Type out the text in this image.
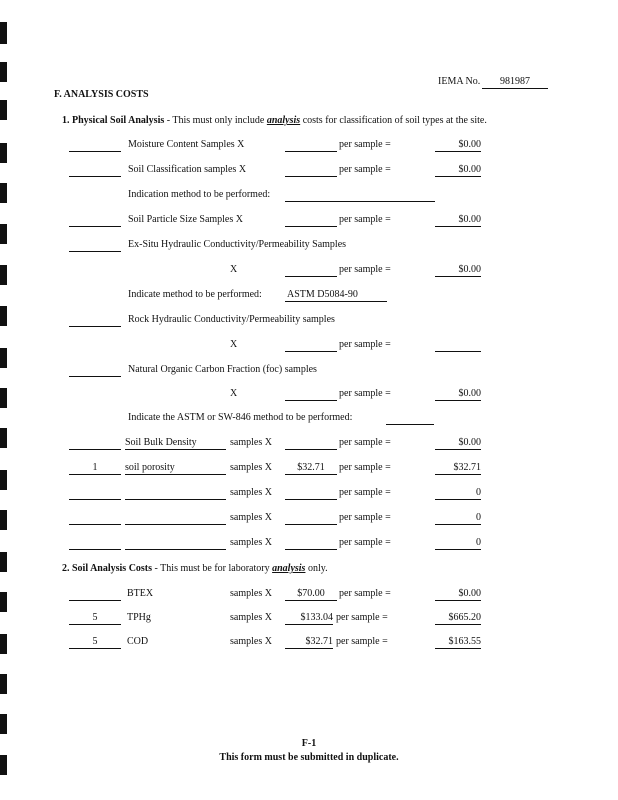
IEMA No.	981987
F. ANALYSIS COSTS
1. Physical Soil Analysis - This must only include analysis costs for classification of soil types at the site.
Moisture Content Samples X	per sample =	$0.00
Soil Classification samples X	per sample =	$0.00
Indication method to be performed:
Soil Particle Size Samples X	per sample =	$0.00
Ex-Situ Hydraulic Conductivity/Permeability Samples
X	per sample =	$0.00
Indicate method to be performed:	ASTM D5084-90
Rock Hydraulic Conductivity/Permeability samples
X	per sample =
Natural Organic Carbon Fraction (foc) samples
X	per sample =	$0.00
Indicate the ASTM or SW-846 method to be performed:
Soil Bulk Density	samples X	per sample =	$0.00
1	soil porosity	samples X	$32.71	per sample =	$32.71
samples X	per sample =	0
samples X	per sample =	0
samples X	per sample =	0
2. Soil Analysis Costs - This must be for laboratory analysis only.
BTEX	samples X	$70.00	per sample =	$0.00
5	TPHg	samples X	$133.04 per sample =	$665.20
5	COD	samples X	$32.71 per sample =	$163.55
F-1
This form must be submitted in duplicate.
